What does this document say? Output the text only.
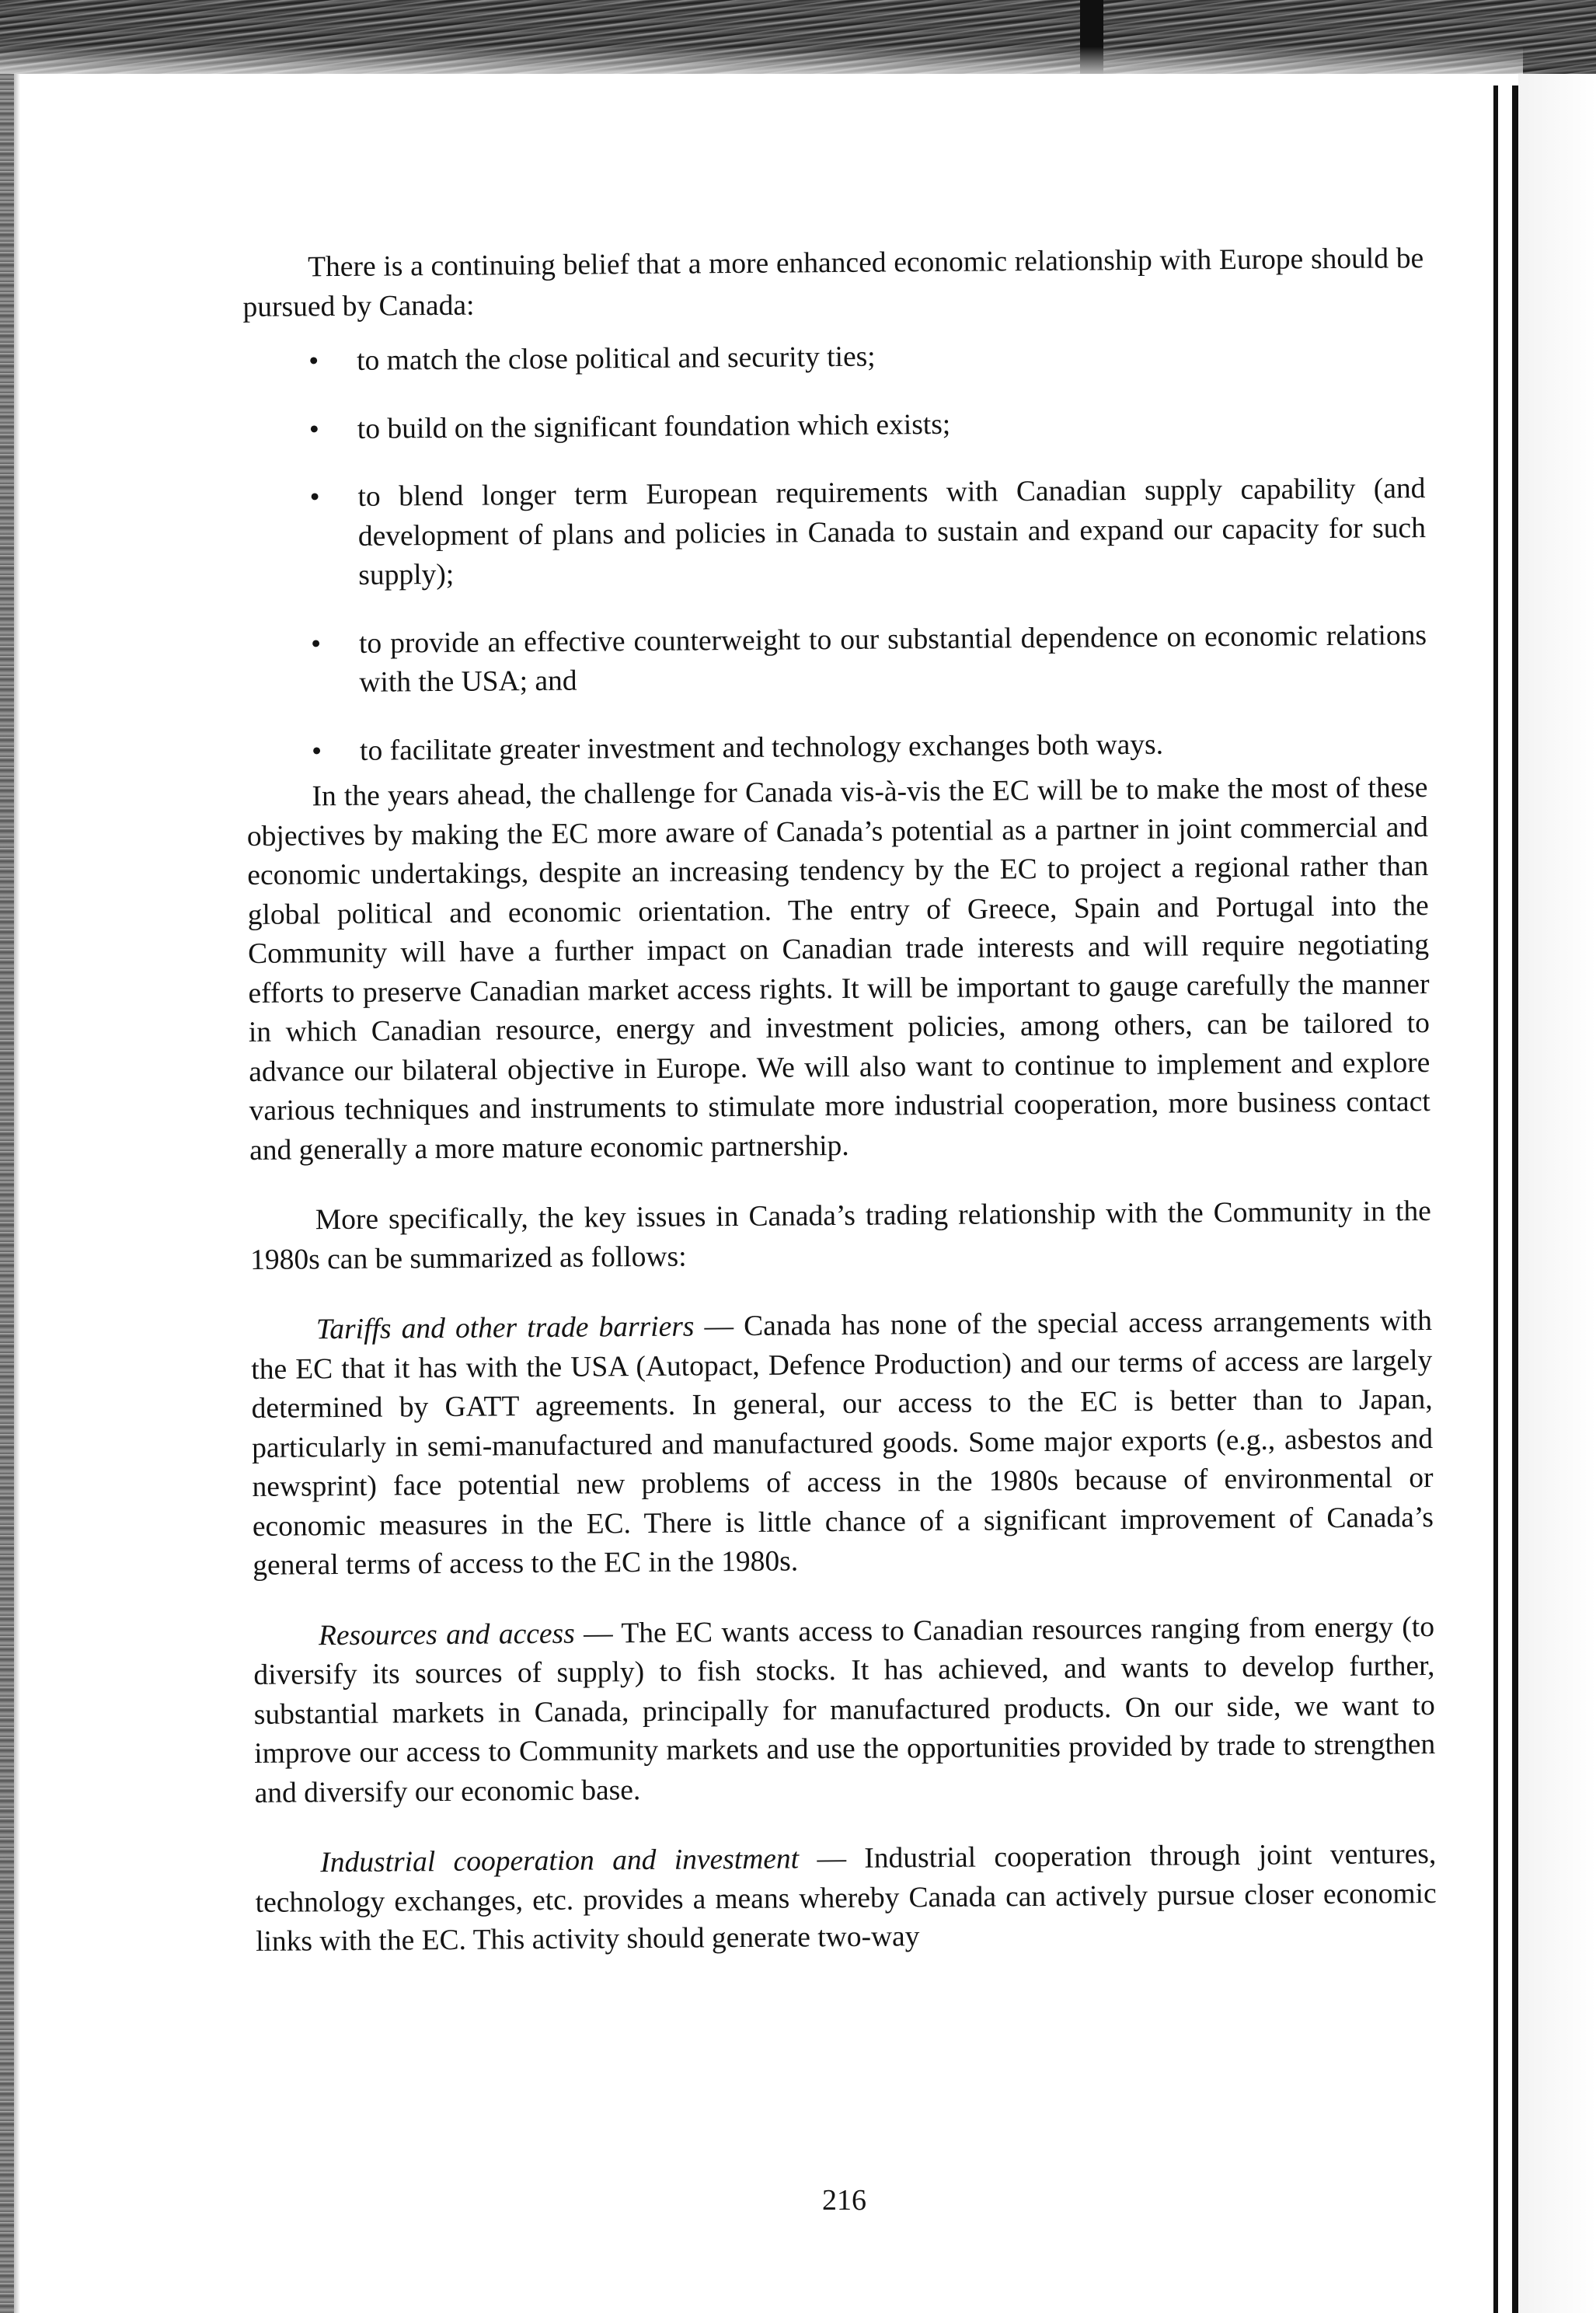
There is a continuing belief that a more enhanced economic relationship with Europe should be pursued by Canada:

• to match the close political and security ties;
• to build on the significant foundation which exists;
• to blend longer term European requirements with Canadian supply capability (and development of plans and policies in Canada to sustain and expand our capacity for such supply);
• to provide an effective counterweight to our substantial dependence on economic relations with the USA; and
• to facilitate greater investment and technology exchanges both ways.

In the years ahead, the challenge for Canada vis-à-vis the EC will be to make the most of these objectives by making the EC more aware of Canada’s potential as a partner in joint commercial and economic undertakings, despite an increasing tendency by the EC to project a regional rather than global political and economic orientation. The entry of Greece, Spain and Portugal into the Community will have a further impact on Canadian trade interests and will require negotiating efforts to preserve Canadian market access rights. It will be important to gauge carefully the manner in which Canadian resource, energy and investment policies, among others, can be tailored to advance our bilateral objective in Europe. We will also want to continue to implement and explore various techniques and instruments to stimulate more industrial cooperation, more business contact and generally a more mature economic partnership.

More specifically, the key issues in Canada’s trading relationship with the Community in the 1980s can be summarized as follows:

Tariffs and other trade barriers — Canada has none of the special access arrangements with the EC that it has with the USA (Autopact, Defence Production) and our terms of access are largely determined by GATT agreements. In general, our access to the EC is better than to Japan, particularly in semi-manufactured and manufactured goods. Some major exports (e.g., asbestos and newsprint) face potential new problems of access in the 1980s because of environmental or economic measures in the EC. There is little chance of a significant improvement of Canada’s general terms of access to the EC in the 1980s.

Resources and access — The EC wants access to Canadian resources ranging from energy (to diversify its sources of supply) to fish stocks. It has achieved, and wants to develop further, substantial markets in Canada, principally for manufactured products. On our side, we want to improve our access to Community markets and use the opportunities provided by trade to strengthen and diversify our economic base.

Industrial cooperation and investment — Industrial cooperation through joint ventures, technology exchanges, etc. provides a means whereby Canada can actively pursue closer economic links with the EC. This activity should generate two-way

216
